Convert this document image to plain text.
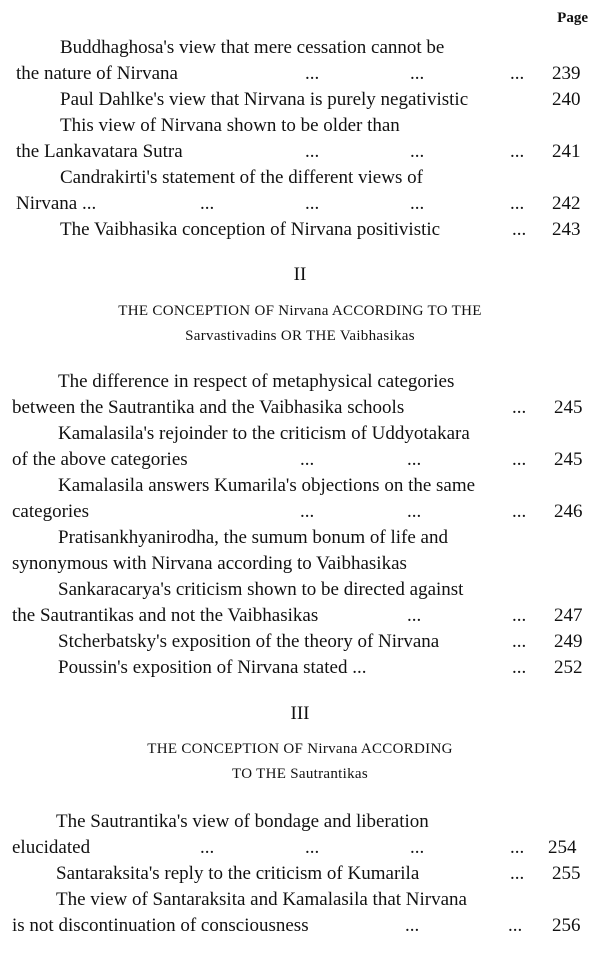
Page
Buddhaghosa's view that mere cessation cannot be
the nature of Nirvana	...	...	... 239
Paul Dahlke's view that Nirvana is purely negativistic	240
This view of Nirvana shown to be older than
the Lankavatara Sutra	...	...	... 241
Candrakirti's statement of the different views of
Nirvana ...	...	...	...	... 242
The Vaibhasika conception of Nirvana positivistic	... 243
II
THE CONCEPTION OF Nirvana ACCORDING TO THE
Sarvastivadins OR THE Vaibhasikas
The difference in respect of metaphysical categories
between the Sautrantika and the Vaibhasika schools	... 245
Kamalasila's rejoinder to the criticism of Uddyotakara
of the above categories	...	...	... 245
Kamalasila answers Kumarila's objections on the same
categories	...	...	... 246
Pratisankhyanirodha, the sumum bonum of life and
synonymous with Nirvana according to Vaibhasikas
Sankaracarya's criticism shown to be directed against
the Sautrantikas and not the Vaibhasikas	...	... 247
Stcherbatsky's exposition of the theory of Nirvana	... 249
Poussin's exposition of Nirvana stated ...	... 252
III
THE CONCEPTION OF Nirvana ACCORDING
TO THE Sautrantikas
The Sautrantika's view of bondage and liberation
elucidated	...	...	...	... 254
Santaraksita's reply to the criticism of Kumarila	... 255
The view of Santaraksita and Kamalasila that Nirvana
is not discontinuation of consciousness	...	... 256
